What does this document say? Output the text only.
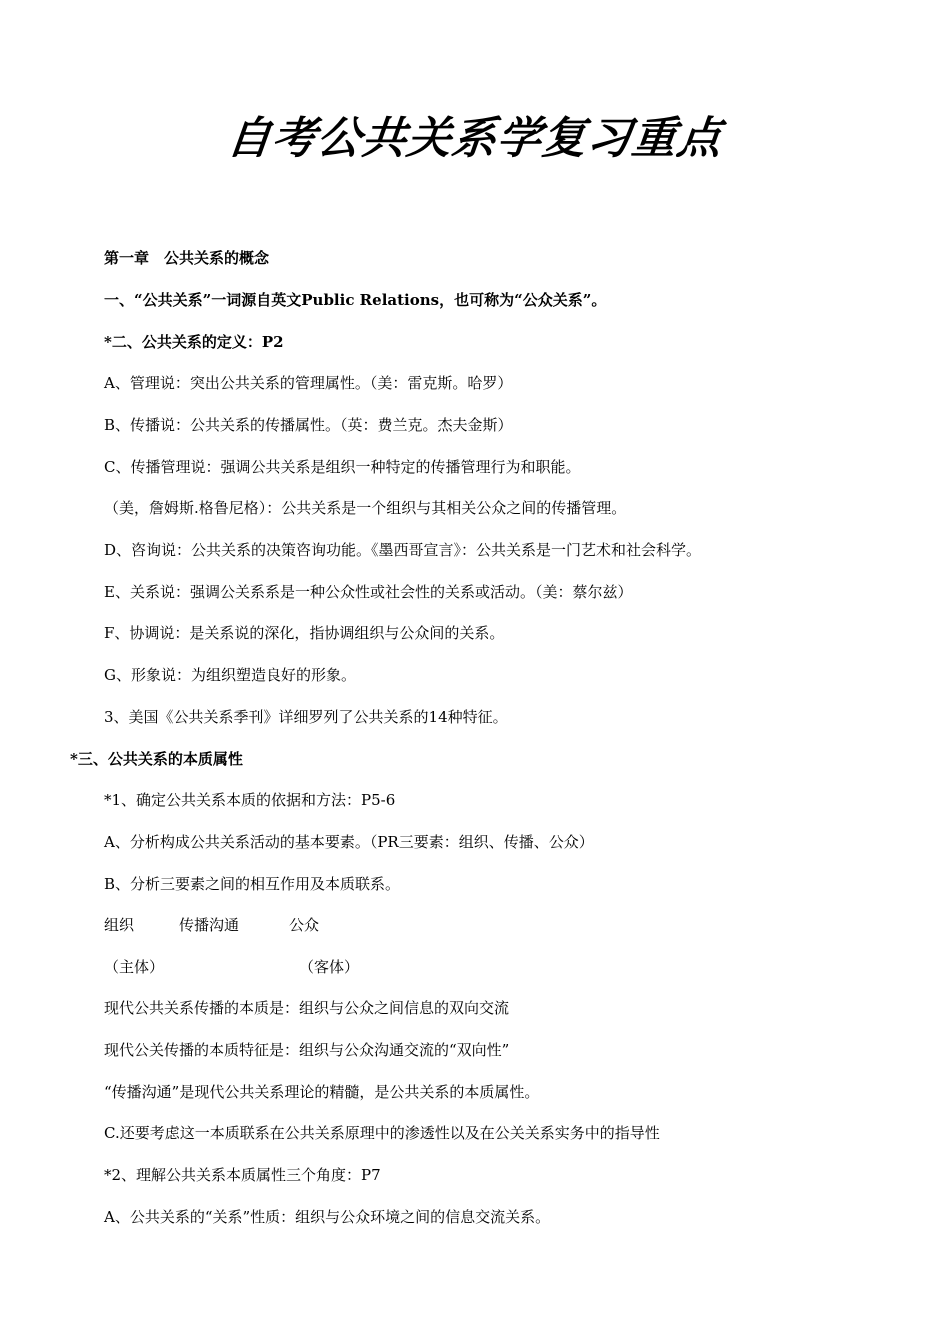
自考公共关系学复习重点
第一章　公共关系的概念
一、“公共关系”一词源自英文Public Relations，也可称为“公众关系”。
*二、公共关系的定义：P2
A、管理说：突出公共关系的管理属性。（美：雷克斯。哈罗）
B、传播说：公共关系的传播属性。（英：费兰克。杰夫金斯）
C、传播管理说：强调公共关系是组织一种特定的传播管理行为和职能。
（美，詹姆斯.格鲁尼格）：公共关系是一个组织与其相关公众之间的传播管理。
D、咨询说：公共关系的决策咨询功能。《墨西哥宣言》：公共关系是一门艺术和社会科学。
E、关系说：强调公关系系是一种公众性或社会性的关系或活动。（美：蔡尔兹）
F、协调说：是关系说的深化，指协调组织与公众间的关系。
G、形象说：为组织塑造良好的形象。
3、美国《公共关系季刊》详细罗列了公共关系的14种特征。
*三、公共关系的本质属性
*1、确定公共关系本质的依据和方法：P5-6
A、分析构成公共关系活动的基本要素。（PR三要素：组织、传播、公众）
B、分析三要素之间的相互作用及本质联系。
组织	传播沟通	公众
（主体）	（客体）
现代公共关系传播的本质是：组织与公众之间信息的双向交流
现代公关传播的本质特征是：组织与公众沟通交流的“双向性”
“传播沟通”是现代公共关系理论的精髓，是公共关系的本质属性。
C.还要考虑这一本质联系在公共关系原理中的渗透性以及在公关关系实务中的指导性
*2、理解公共关系本质属性三个角度：P7
A、公共关系的“关系”性质：组织与公众环境之间的信息交流关系。
